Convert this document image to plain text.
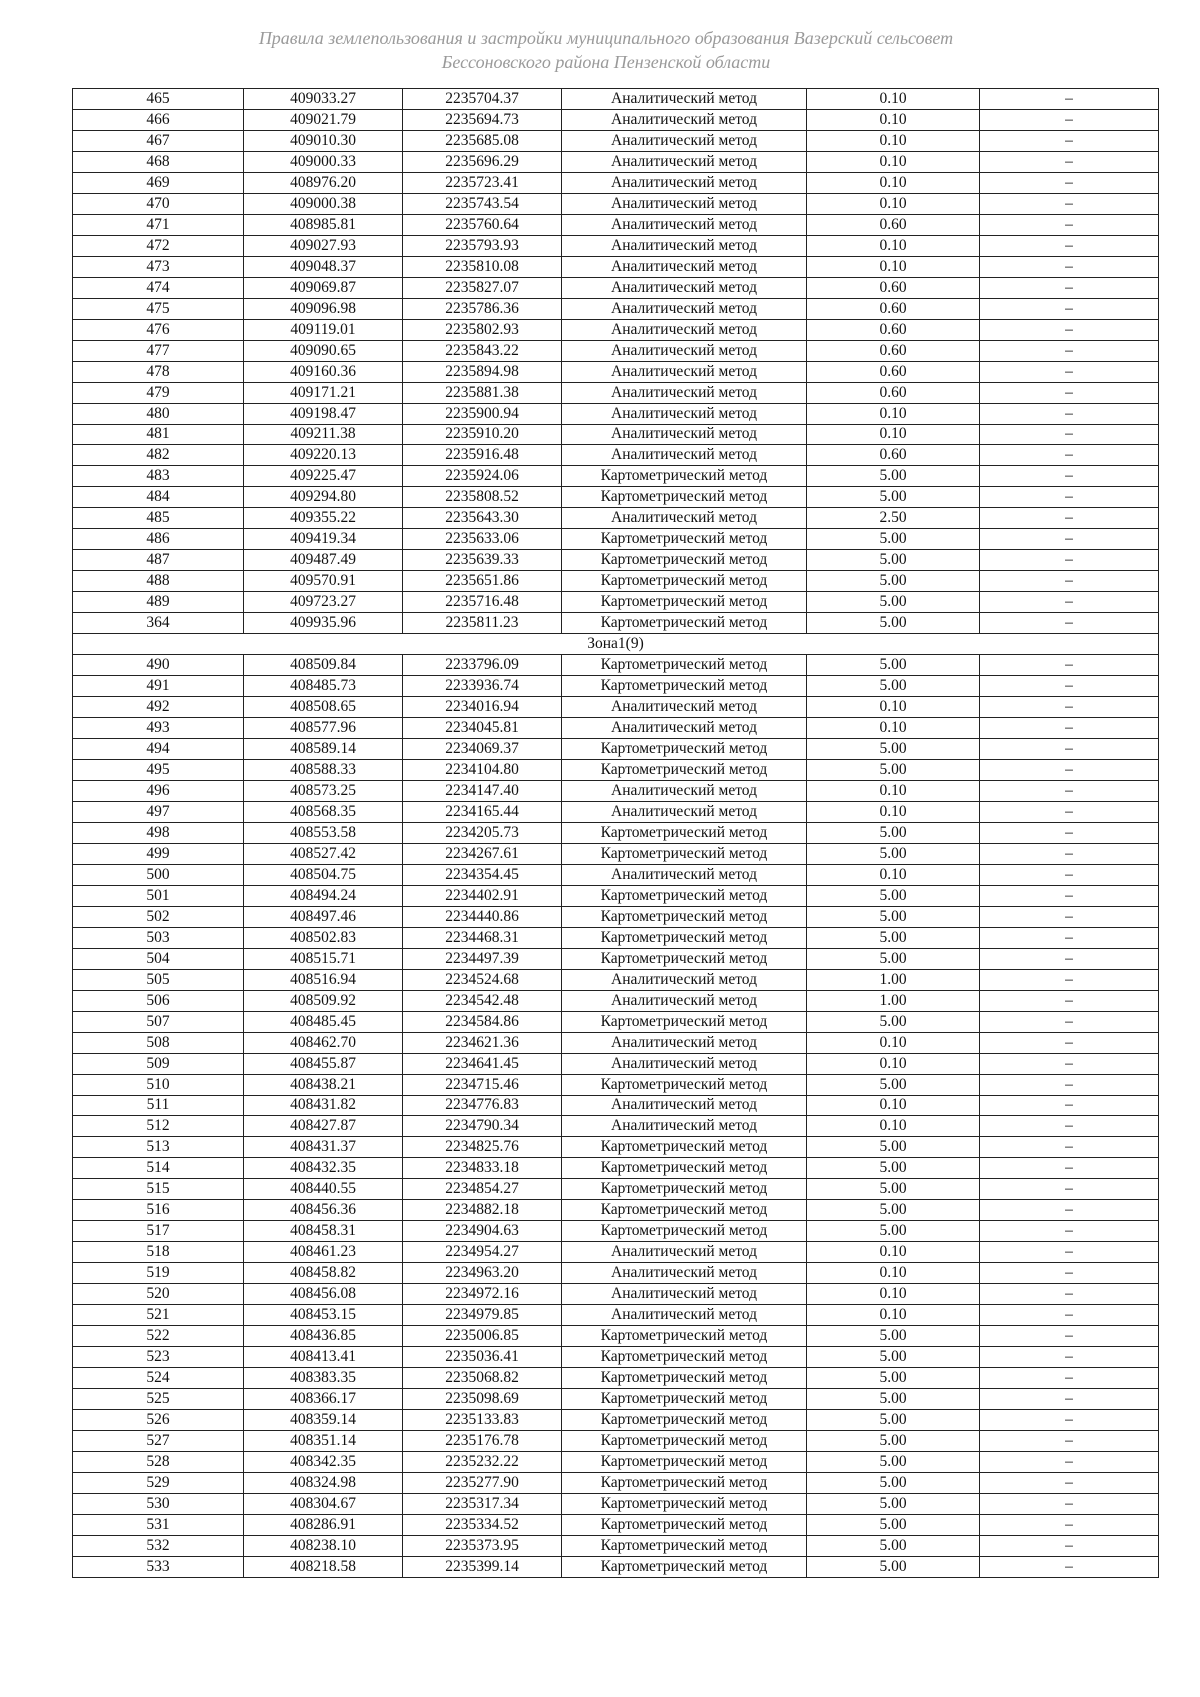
Правила землепользования и застройки муниципального образования Вазерский сельсовет
Бессоновского района Пензенской области
465	409033.27	2235704.37	Аналитический метод	0.10	–
466	409021.79	2235694.73	Аналитический метод	0.10	–
467	409010.30	2235685.08	Аналитический метод	0.10	–
468	409000.33	2235696.29	Аналитический метод	0.10	–
469	408976.20	2235723.41	Аналитический метод	0.10	–
470	409000.38	2235743.54	Аналитический метод	0.10	–
471	408985.81	2235760.64	Аналитический метод	0.60	–
472	409027.93	2235793.93	Аналитический метод	0.10	–
473	409048.37	2235810.08	Аналитический метод	0.10	–
474	409069.87	2235827.07	Аналитический метод	0.60	–
475	409096.98	2235786.36	Аналитический метод	0.60	–
476	409119.01	2235802.93	Аналитический метод	0.60	–
477	409090.65	2235843.22	Аналитический метод	0.60	–
478	409160.36	2235894.98	Аналитический метод	0.60	–
479	409171.21	2235881.38	Аналитический метод	0.60	–
480	409198.47	2235900.94	Аналитический метод	0.10	–
481	409211.38	2235910.20	Аналитический метод	0.10	–
482	409220.13	2235916.48	Аналитический метод	0.60	–
483	409225.47	2235924.06	Картометрический метод	5.00	–
484	409294.80	2235808.52	Картометрический метод	5.00	–
485	409355.22	2235643.30	Аналитический метод	2.50	–
486	409419.34	2235633.06	Картометрический метод	5.00	–
487	409487.49	2235639.33	Картометрический метод	5.00	–
488	409570.91	2235651.86	Картометрический метод	5.00	–
489	409723.27	2235716.48	Картометрический метод	5.00	–
364	409935.96	2235811.23	Картометрический метод	5.00	–
Зона1(9)					
490	408509.84	2233796.09	Картометрический метод	5.00	–
491	408485.73	2233936.74	Картометрический метод	5.00	–
492	408508.65	2234016.94	Аналитический метод	0.10	–
493	408577.96	2234045.81	Аналитический метод	0.10	–
494	408589.14	2234069.37	Картометрический метод	5.00	–
495	408588.33	2234104.80	Картометрический метод	5.00	–
496	408573.25	2234147.40	Аналитический метод	0.10	–
497	408568.35	2234165.44	Аналитический метод	0.10	–
498	408553.58	2234205.73	Картометрический метод	5.00	–
499	408527.42	2234267.61	Картометрический метод	5.00	–
500	408504.75	2234354.45	Аналитический метод	0.10	–
501	408494.24	2234402.91	Картометрический метод	5.00	–
502	408497.46	2234440.86	Картометрический метод	5.00	–
503	408502.83	2234468.31	Картометрический метод	5.00	–
504	408515.71	2234497.39	Картометрический метод	5.00	–
505	408516.94	2234524.68	Аналитический метод	1.00	–
506	408509.92	2234542.48	Аналитический метод	1.00	–
507	408485.45	2234584.86	Картометрический метод	5.00	–
508	408462.70	2234621.36	Аналитический метод	0.10	–
509	408455.87	2234641.45	Аналитический метод	0.10	–
510	408438.21	2234715.46	Картометрический метод	5.00	–
511	408431.82	2234776.83	Аналитический метод	0.10	–
512	408427.87	2234790.34	Аналитический метод	0.10	–
513	408431.37	2234825.76	Картометрический метод	5.00	–
514	408432.35	2234833.18	Картометрический метод	5.00	–
515	408440.55	2234854.27	Картометрический метод	5.00	–
516	408456.36	2234882.18	Картометрический метод	5.00	–
517	408458.31	2234904.63	Картометрический метод	5.00	–
518	408461.23	2234954.27	Аналитический метод	0.10	–
519	408458.82	2234963.20	Аналитический метод	0.10	–
520	408456.08	2234972.16	Аналитический метод	0.10	–
521	408453.15	2234979.85	Аналитический метод	0.10	–
522	408436.85	2235006.85	Картометрический метод	5.00	–
523	408413.41	2235036.41	Картометрический метод	5.00	–
524	408383.35	2235068.82	Картометрический метод	5.00	–
525	408366.17	2235098.69	Картометрический метод	5.00	–
526	408359.14	2235133.83	Картометрический метод	5.00	–
527	408351.14	2235176.78	Картометрический метод	5.00	–
528	408342.35	2235232.22	Картометрический метод	5.00	–
529	408324.98	2235277.90	Картометрический метод	5.00	–
530	408304.67	2235317.34	Картометрический метод	5.00	–
531	408286.91	2235334.52	Картометрический метод	5.00	–
532	408238.10	2235373.95	Картометрический метод	5.00	–
533	408218.58	2235399.14	Картометрический метод	5.00	–
